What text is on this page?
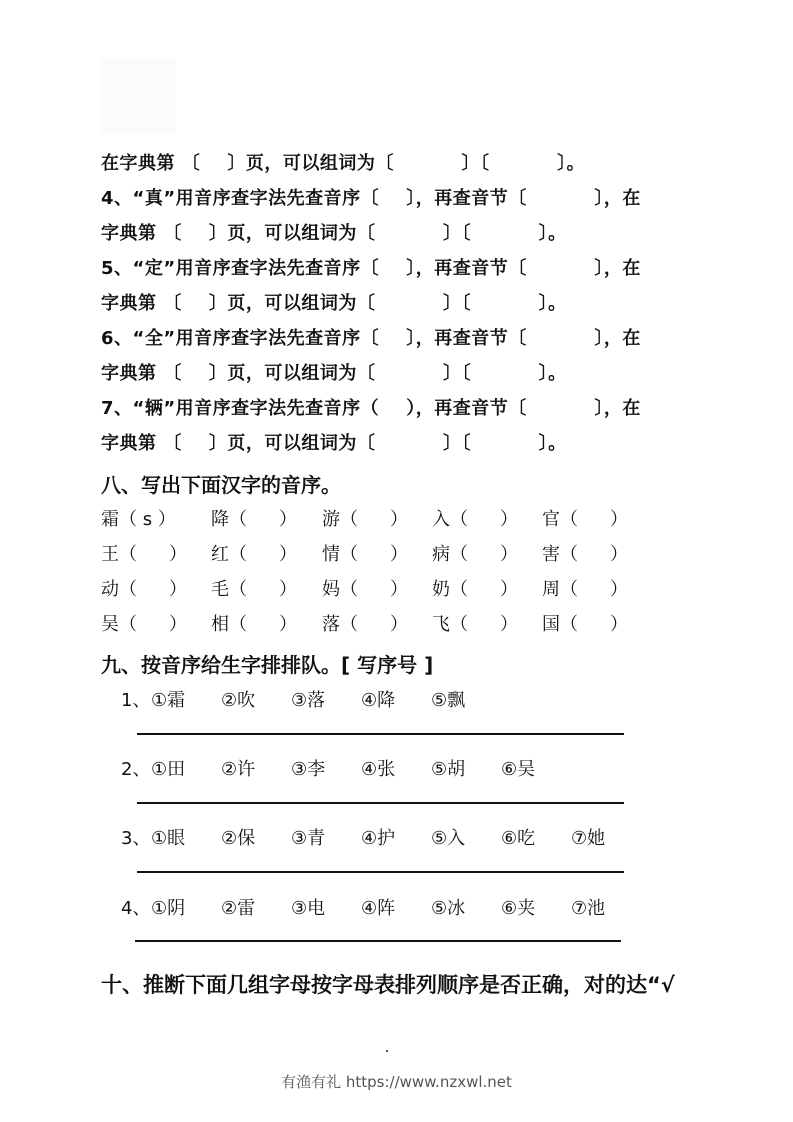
在字典第 〔    〕页，可以组词为〔          〕〔          〕。
4、“真”用音序查字法先查音序〔    〕，再查音节〔          〕，在
字典第 〔    〕页，可以组词为〔          〕〔          〕。
5、“定”用音序查字法先查音序〔    〕，再查音节〔          〕，在
字典第 〔    〕页，可以组词为〔          〕〔          〕。
6、“全”用音序查字法先查音序〔    〕，再查音节〔          〕，在
字典第 〔    〕页，可以组词为〔          〕〔          〕。
7、“辆”用音序查字法先查音序（    ），再查音节〔          〕，在
字典第 〔    〕页，可以组词为〔          〕〔          〕。
八、写出下面汉字的音序。

霜（ s ）

降（ ）

游（ ）

入（ ）

官（ ）

王（ ）

红（ ）

情（ ）

病（ ）

害（ ）

动（ ）

毛（ ）

妈（ ）

奶（ ）

周（ ）

吴（ ）

相（ ）

落（ ）

飞（ ）

国（ ）

九、按音序给生字排排队。[ 写序号 ]

1、

①霜

②吹

③落

④降

⑤飘

2、

①田

②许

③李

④张

⑤胡

⑥吴

3、

①眼

②保

③青

④护

⑤入

⑥吃

⑦她

4、

①阴

②雷

③电

④阵

⑤冰

⑥夹

⑦池

十、推断下面几组字母按字母表排列顺序是否正确，对的达“√
有渔有礼 https://www.nzxwl.net
